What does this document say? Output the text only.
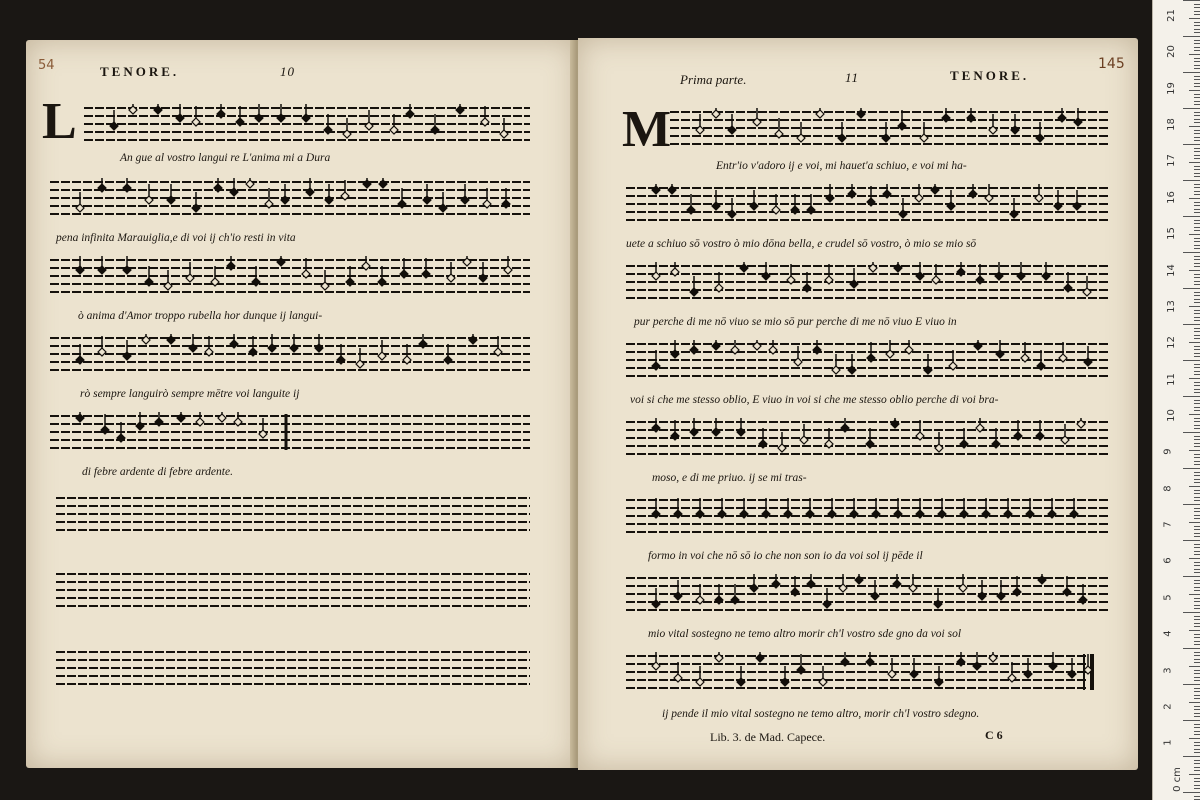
54	TENORE.	10
L
Prima parte.	11	TENORE.
145
M
An gue al vostro langui re L'anima mi a Dura
pena infinita Marauiglia,e di voi ij ch'io resti in vita
ò anima d'Amor troppo rubella hor dunque ij langui-
rò sempre languirò sempre mētre voi languite ij
di febre ardente di febre ardente.
Entr'io v'adoro ij e voi, mi hauet'a schiuo, e voi mi ha-
uete a schiuo sō vostro ò mio dōna bella, e crudel sō vostro, ò mio se mio sō
pur perche di me nō viuo se mio sō pur perche di me nō viuo E viuo in
voi si che me stesso oblio, E viuo in voi si che me stesso oblio perche di voi bra-
moso, e di me priuo. ij se mi tras-
formo in voi che nō sō io che non son io da voi sol ij pēde il
mio vital sostegno ne temo altro morir ch'l vostro sde gno da voi sol
ij pende il mio vital sostegno ne temo altro, morir ch'l vostro sdegno.
Lib. 3. de Mad. Capece.	C 6
21
20
19
18
17
16
15
14
13
12
11
10
9
8
7
6
5
4
3
2
1
0 cm
